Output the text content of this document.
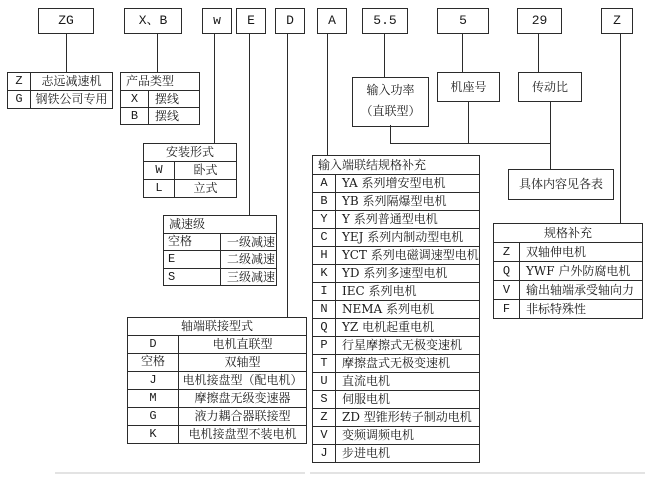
ZG	X、B	w	E	D	A	5.5	5	29	Z
输入功率
（直联型）
机座号	传动比
具体内容见各表
Z	志远减速机
G	钢铁公司专用
产品类型
X	摆线
B	摆线
安装形式
W	卧式
L	立式
减速级
空格	一级减速
E	二级减速
S	三级减速
轴端联接型式
D	电机直联型
空格	双轴型
J	电机接盘型（配电机）
M	摩擦盘无级变速器
G	液力耦合器联接型
K	电机接盘型不装电机
输入端联结规格补充
A	YA 系列增安型电机
B	YB 系列隔爆型电机
Y	Y 系列普通型电机
C	YEJ 系列内制动型电机
H	YCT 系列电磁调速型电机
K	YD 系列多速型电机
I	IEC 系列电机
N	NEMA 系列电机
Q	YZ 电机起重电机
P	行星摩擦式无极变速机
T	摩擦盘式无极变速机
U	直流电机
S	伺服电机
Z	ZD 型锥形转子制动电机
V	变频调频电机
J	步进电机
规格补充
Z	双轴伸电机
Q	YWF 户外防腐电机
V	输出轴端承受轴向力
F	非标特殊性
